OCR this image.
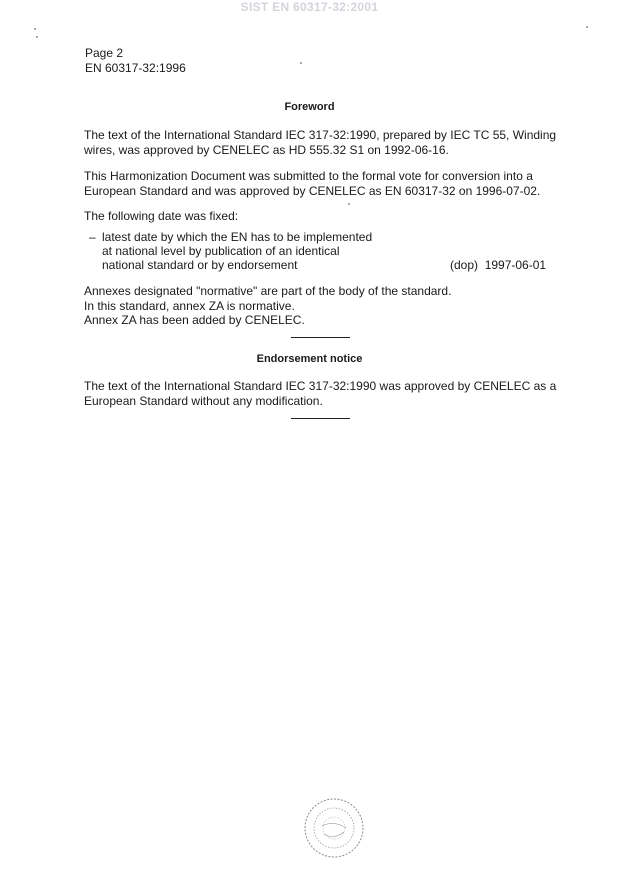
SIST EN 60317-32:2001
Page 2
EN 60317-32:1996
Foreword
The text of the International Standard IEC 317-32:1990, prepared by IEC TC 55, Winding
wires, was approved by CENELEC as HD 555.32 S1 on 1992-06-16.
This Harmonization Document was submitted to the formal vote for conversion into a
European Standard and was approved by CENELEC as EN 60317-32 on 1996-07-02.
The following date was fixed:
– latest date by which the EN has to be implemented
at national level by publication of an identical
national standard or by endorsement	(dop) 1997-06-01
Annexes designated "normative" are part of the body of the standard.
In this standard, annex ZA is normative.
Annex ZA has been added by CENELEC.
Endorsement notice
The text of the International Standard IEC 317-32:1990 was approved by CENELEC as a
European Standard without any modification.
